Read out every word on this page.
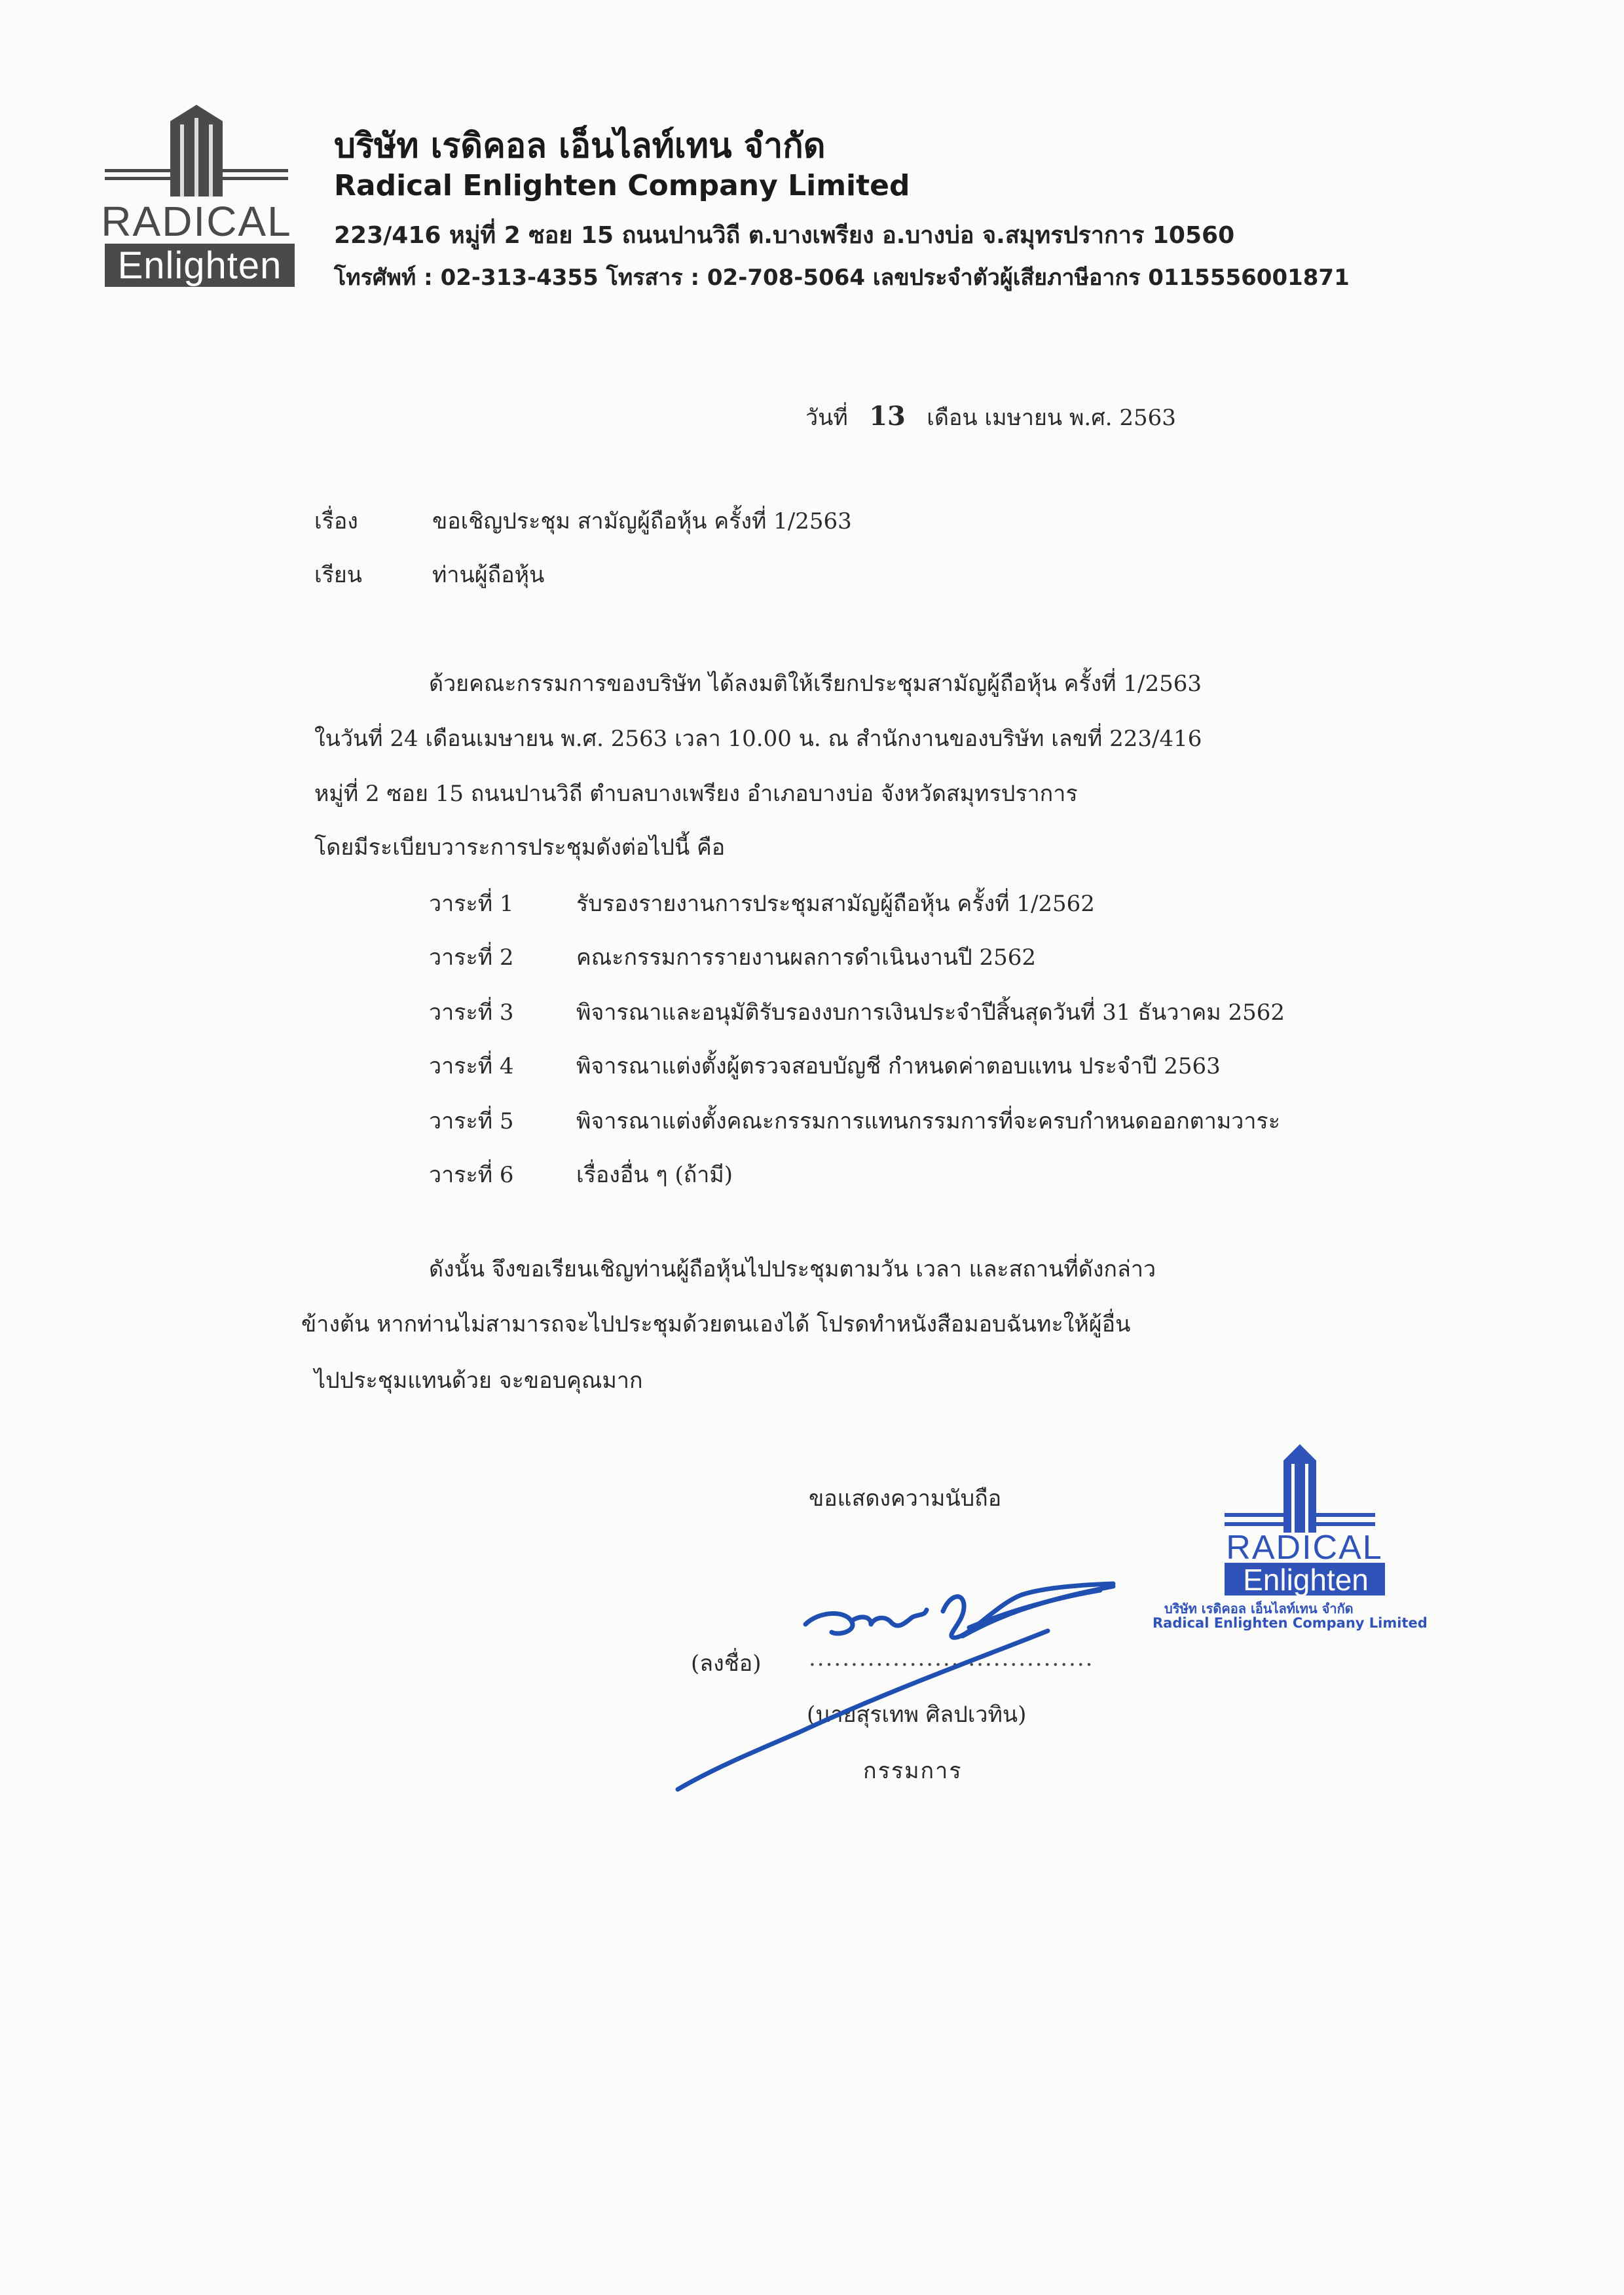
RADICAL
Enlighten
บริษัท เรดิคอล เอ็นไลท์เทน จำกัด
Radical Enlighten Company Limited
223/416 หมู่ที่ 2 ซอย 15 ถนนปานวิถี ต.บางเพรียง อ.บางบ่อ จ.สมุทรปราการ 10560
โทรศัพท์ : 02-313-4355 โทรสาร : 02-708-5064 เลขประจำตัวผู้เสียภาษีอากร 0115556001871
วันที่ 13 เดือน เมษายน พ.ศ. 2563
เรื่อง	ขอเชิญประชุม สามัญผู้ถือหุ้น ครั้งที่ 1/2563
เรียน	ท่านผู้ถือหุ้น
ด้วยคณะกรรมการของบริษัท ได้ลงมติให้เรียกประชุมสามัญผู้ถือหุ้น ครั้งที่ 1/2563
ในวันที่ 24 เดือนเมษายน พ.ศ. 2563 เวลา 10.00 น. ณ สำนักงานของบริษัท เลขที่ 223/416
หมู่ที่ 2 ซอย 15 ถนนปานวิถี ตำบลบางเพรียง อำเภอบางบ่อ จังหวัดสมุทรปราการ
โดยมีระเบียบวาระการประชุมดังต่อไปนี้ คือ
วาระที่ 1	รับรองรายงานการประชุมสามัญผู้ถือหุ้น ครั้งที่ 1/2562
วาระที่ 2	คณะกรรมการรายงานผลการดำเนินงานปี 2562
วาระที่ 3	พิจารณาและอนุมัติรับรองงบการเงินประจำปีสิ้นสุดวันที่ 31 ธันวาคม 2562
วาระที่ 4	พิจารณาแต่งตั้งผู้ตรวจสอบบัญชี กำหนดค่าตอบแทน ประจำปี 2563
วาระที่ 5	พิจารณาแต่งตั้งคณะกรรมการแทนกรรมการที่จะครบกำหนดออกตามวาระ
วาระที่ 6	เรื่องอื่น ๆ (ถ้ามี)
ดังนั้น จึงขอเรียนเชิญท่านผู้ถือหุ้นไปประชุมตามวัน เวลา และสถานที่ดังกล่าว
ข้างต้น หากท่านไม่สามารถจะไปประชุมด้วยตนเองได้ โปรดทำหนังสือมอบฉันทะให้ผู้อื่น
ไปประชุมแทนด้วย จะขอบคุณมาก
ขอแสดงความนับถือ
(ลงชื่อ) ..................................
(นายสุรเทพ ศิลปเวทิน)
กรรมการ
RADICAL
Enlighten
บริษัท เรดิคอล เอ็นไลท์เทน จำกัด
Radical Enlighten Company Limited
